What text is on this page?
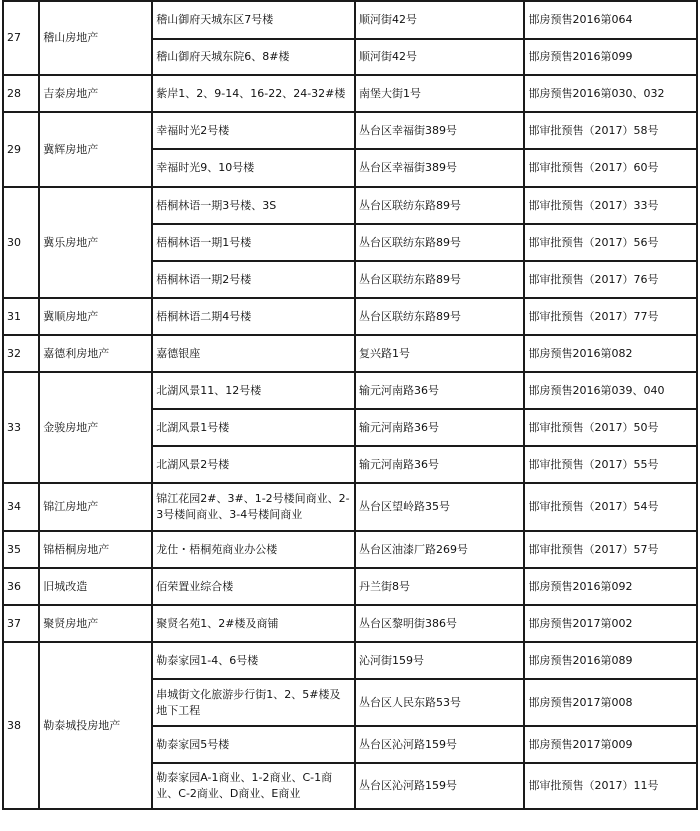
27	稽山房地产	稽山御府天城东区7号楼	顺河街42号	邯房预售2016第064
		稽山御府天城东院6、8#楼	顺河街42号	邯房预售2016第099
28	吉泰房地产	紫岸1、2、9-14、16-22、24-32#楼	南堡大街1号	邯房预售2016第030、032
29	冀辉房地产	幸福时光2号楼	丛台区幸福街389号	邯审批预售（2017）58号
		幸福时光9、10号楼	丛台区幸福街389号	邯审批预售（2017）60号
30	冀乐房地产	梧桐林语一期3号楼、3S	丛台区联纺东路89号	邯审批预售（2017）33号
		梧桐林语一期1号楼	丛台区联纺东路89号	邯审批预售（2017）56号
		梧桐林语一期2号楼	丛台区联纺东路89号	邯审批预售（2017）76号
31	冀顺房地产	梧桐林语二期4号楼	丛台区联纺东路89号	邯审批预售（2017）77号
32	嘉德利房地产	嘉德银座	复兴路1号	邯房预售2016第082
33	金骏房地产	北湖风景11、12号楼	输元河南路36号	邯房预售2016第039、040
		北湖风景1号楼	输元河南路36号	邯审批预售（2017）50号
		北湖风景2号楼	输元河南路36号	邯审批预售（2017）55号
34	锦江房地产	锦江花园2#、3#、1-2号楼间商业、2-3号楼间商业、3-4号楼间商业	丛台区望岭路35号	邯审批预售（2017）54号
35	锦梧桐房地产	龙仕・梧桐苑商业办公楼	丛台区油漆厂路269号	邯审批预售（2017）57号
36	旧城改造	佰荣置业综合楼	丹兰街8号	邯房预售2016第092
37	聚贤房地产	聚贤名苑1、2#楼及商铺	丛台区黎明街386号	邯房预售2017第002
38	勒泰城投房地产	勒泰家园1-4、6号楼	沁河街159号	邯房预售2016第089
		串城街文化旅游步行街1、2、5#楼及地下工程	丛台区人民东路53号	邯房预售2017第008
		勒泰家园5号楼	丛台区沁河路159号	邯房预售2017第009
		勒泰家园A-1商业、1-2商业、C-1商业、C-2商业、D商业、E商业	丛台区沁河路159号	邯审批预售（2017）11号
